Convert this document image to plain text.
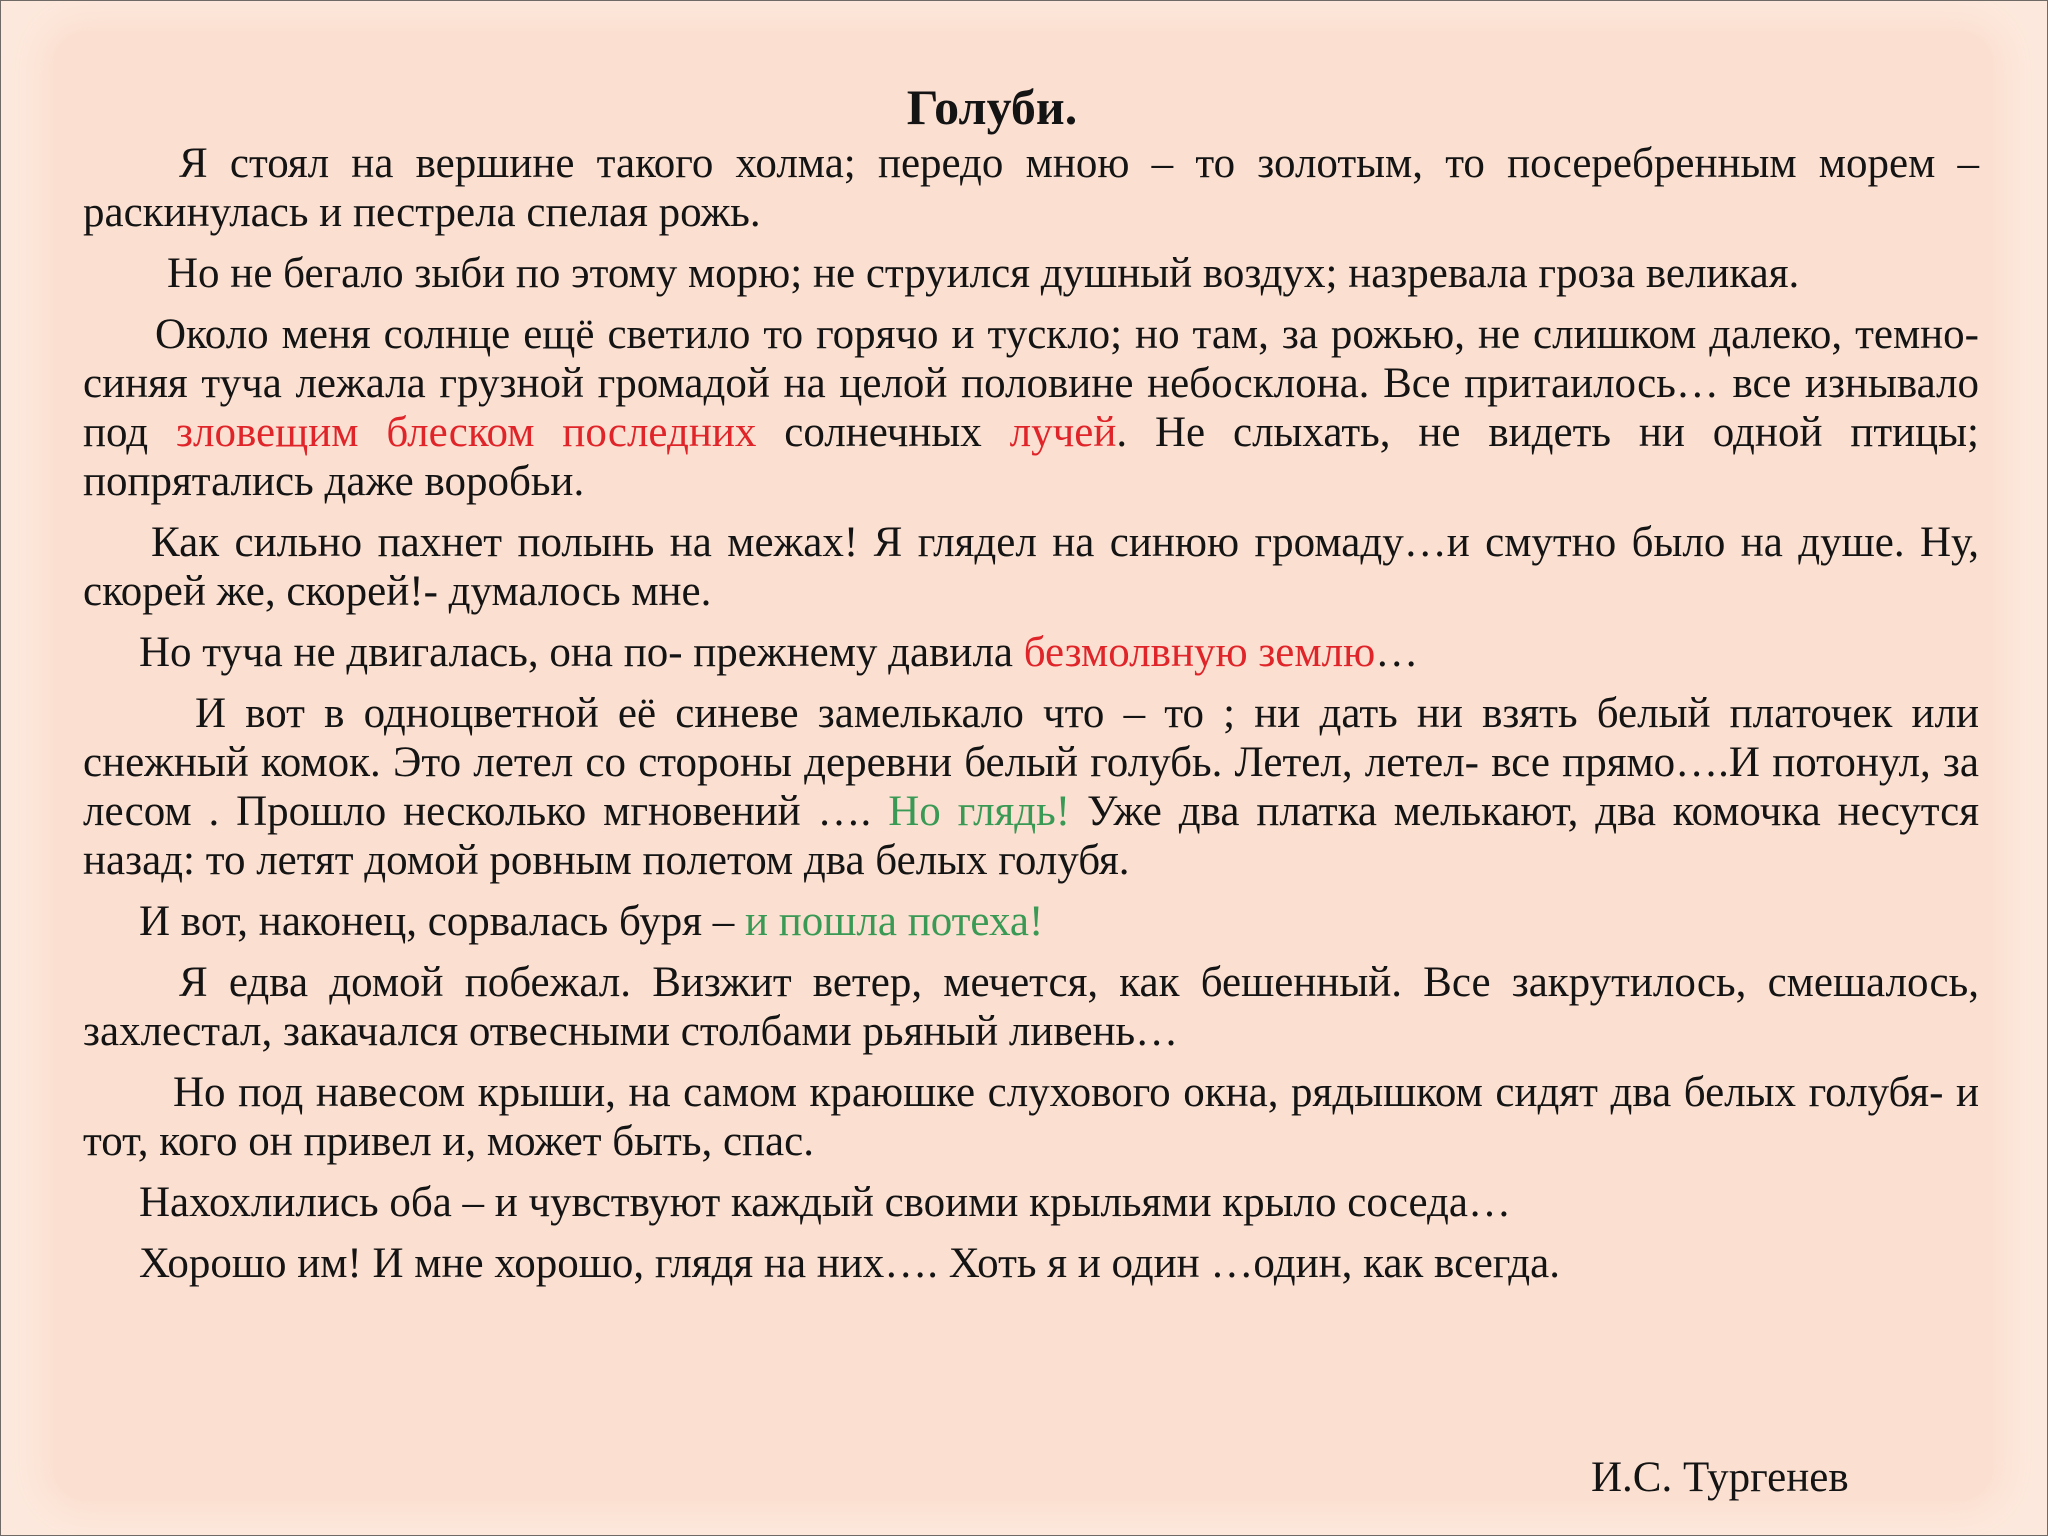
Голуби.

Я стоял на вершине такого холма; передо мною – то золотым, то посеребренным морем – раскинулась и пестрела спелая рожь.

Но не бегало зыби по этому морю; не струился душный воздух; назревала гроза великая.

Около меня солнце ещё светило то горячо и тускло; но там, за рожью, не слишком далеко, темно- синяя туча лежала грузной громадой на целой половине небосклона. Все притаилось… все изнывало под зловещим блеском последних солнечных лучей. Не слыхать, не видеть ни одной птицы; попрятались даже воробьи.

Как сильно пахнет полынь на межах! Я глядел на синюю громаду…и смутно было на душе. Ну, скорей же, скорей!- думалось мне.

Но туча не двигалась, она по- прежнему давила безмолвную землю…

И вот в одноцветной её синеве замелькало что – то ; ни дать ни взять белый платочек или снежный комок. Это летел со стороны деревни белый голубь. Летел, летел- все прямо….И потонул, за лесом . Прошло несколько мгновений …. Но глядь! Уже два платка мелькают, два комочка несутся назад: то летят домой ровным полетом два белых голубя.

И вот, наконец, сорвалась буря – и пошла потеха!

Я едва домой побежал. Визжит ветер, мечется, как бешенный. Все закрутилось, смешалось, захлестал, закачался отвесными столбами рьяный ливень…

Но под навесом крыши, на самом краюшке слухового окна, рядышком сидят два белых голубя- и тот, кого он привел и, может быть, спас.

Нахохлились оба – и чувствуют каждый своими крыльями крыло соседа…

Хорошо им! И мне хорошо, глядя на них…. Хоть я и один …один, как всегда.

И.С. Тургенев
